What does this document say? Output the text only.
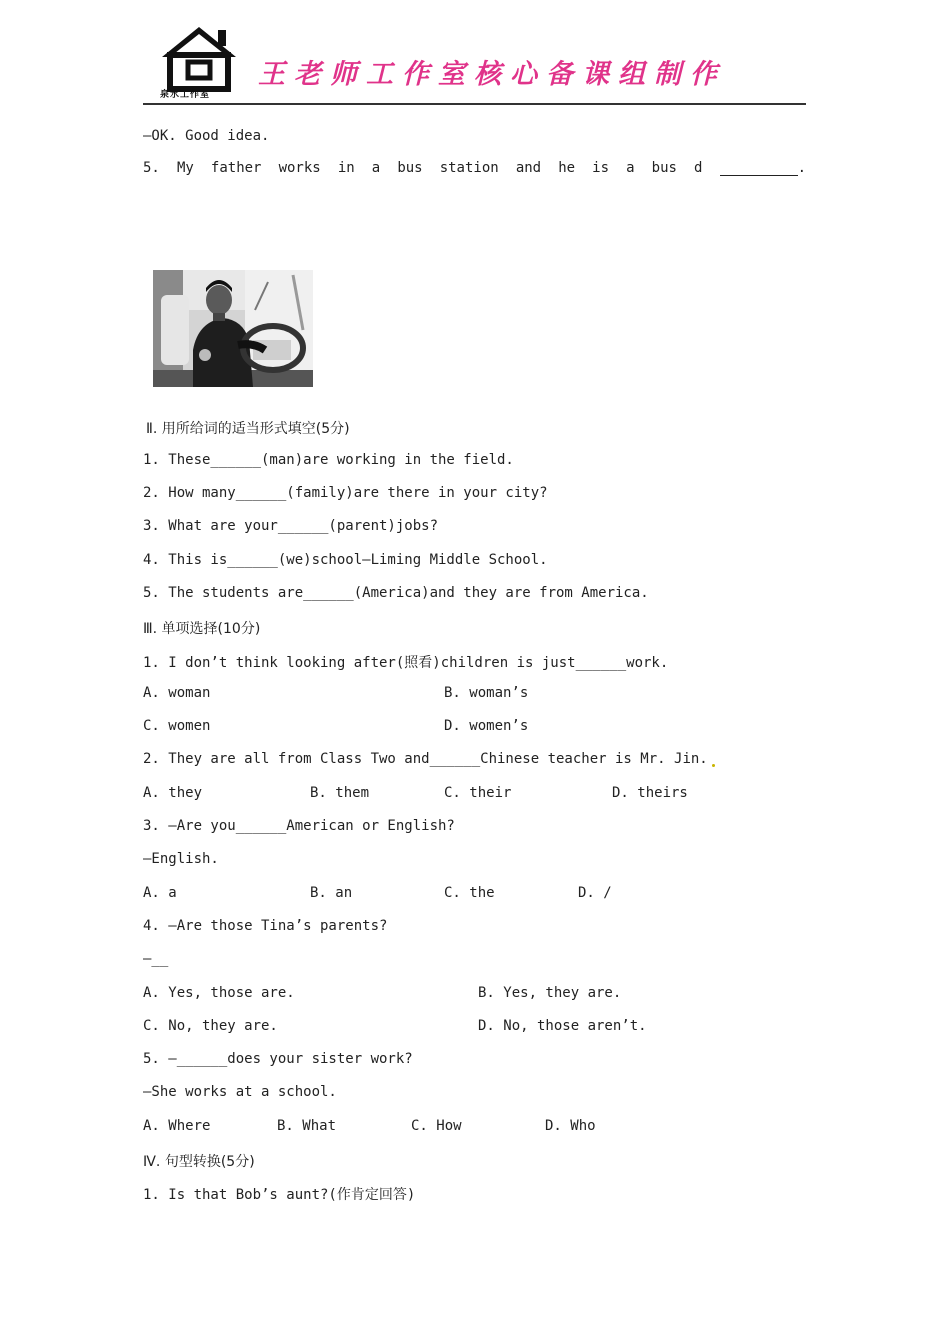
泉水工作室
王老师工作室核心备课组制作
—OK. Good idea.
5. My father works in a bus station and he is a bus d	.
Ⅱ. 用所给词的适当形式填空(5分)
1. These______(man)are working in the field.
2. How many______(family)are there in your city?
3. What are your______(parent)jobs?
4. This is______(we)school—Liming Middle School.
5. The students are______(America)and they are from America.
Ⅲ. 单项选择(10分)
1. I don’t think looking after(照看)children is just______work.
A. woman	B. woman’s
C. women	D. women’s
2. They are all from Class Two and______Chinese teacher is Mr. Jin.
A. they	B. them	C. their	D. theirs
3. —Are you______American or English?
—English.
A. a	B. an	C. the	D. /
4. —Are those Tina’s parents?
—__
A. Yes, those are.	B. Yes, they are.
C. No, they are.	D. No, those aren’t.
5. —______does your sister work?
—She works at a school.
A. Where	B. What	C. How	D. Who
Ⅳ. 句型转换(5分)
1. Is that Bob’s aunt?(作肯定回答)
